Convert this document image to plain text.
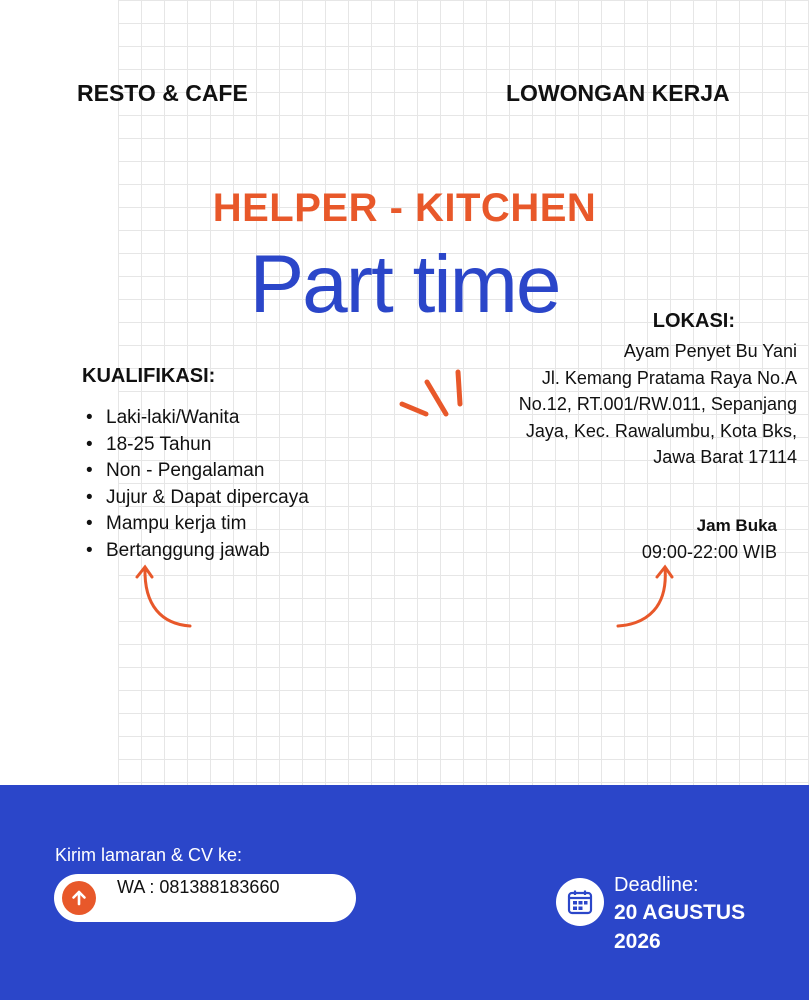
RESTO & CAFE	LOWONGAN KERJA
HELPER - KITCHEN
Part time
KUALIFIKASI:
• Laki-laki/Wanita
• 18-25 Tahun
• Non - Pengalaman
• Jujur & Dapat dipercaya
• Mampu kerja tim
• Bertanggung jawab
LOKASI:
Ayam Penyet Bu Yani
Jl. Kemang Pratama Raya No.A
No.12, RT.001/RW.011, Sepanjang
Jaya, Kec. Rawalumbu, Kota Bks,
Jawa Barat 17114
Jam Buka
09:00-22:00 WIB
Kirim lamaran & CV ke:
WA : 081388183660	Deadline:
20 AGUSTUS
2026
